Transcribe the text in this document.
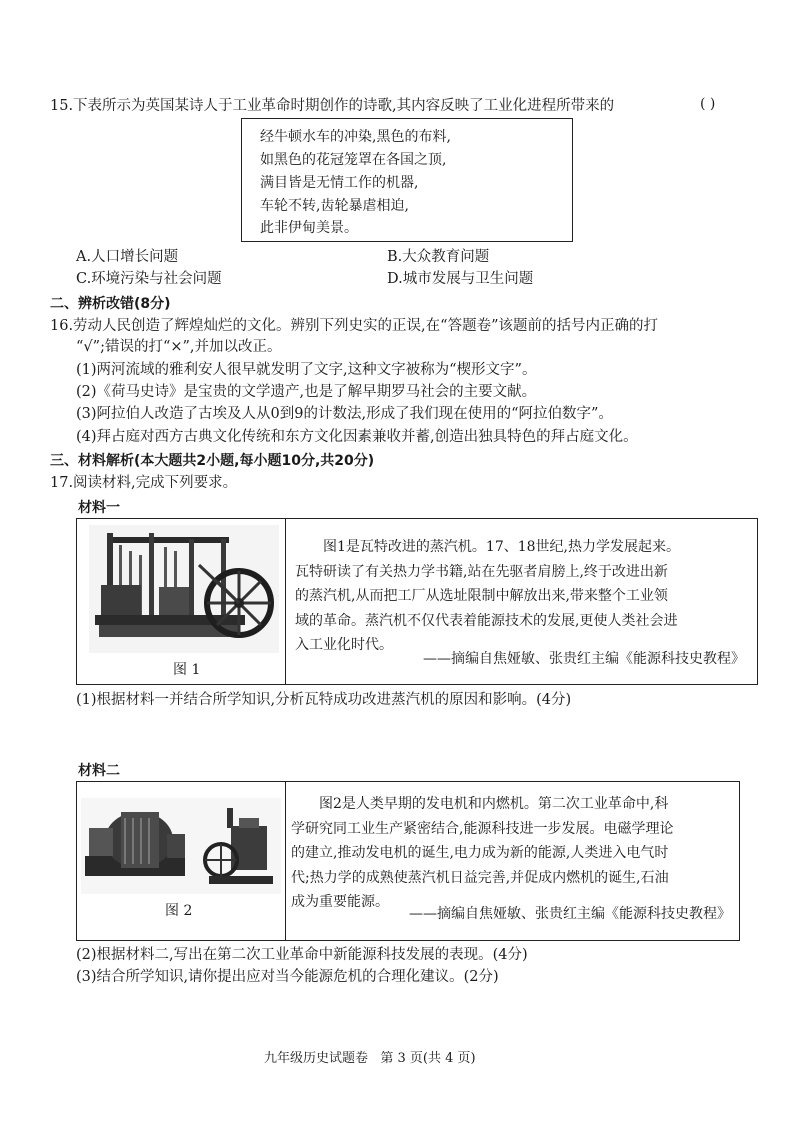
15.下表所示为英国某诗人于工业革命时期创作的诗歌,其内容反映了工业化进程所带来的	( )
经牛顿水车的冲染,黑色的布料,
如黑色的花冠笼罩在各国之顶,
满目皆是无情工作的机器,
车轮不转,齿轮暴虐相迫,
此非伊甸美景。
A.人口增长问题	B.大众教育问题
C.环境污染与社会问题	D.城市发展与卫生问题
二、辨析改错(8分)
16.劳动人民创造了辉煌灿烂的文化。辨别下列史实的正误,在“答题卷”该题前的括号内正确的打
“√”;错误的打“×”,并加以改正。
(1)两河流域的雅利安人很早就发明了文字,这种文字被称为“楔形文字”。
(2)《荷马史诗》是宝贵的文学遗产,也是了解早期罗马社会的主要文献。
(3)阿拉伯人改造了古埃及人从0到9的计数法,形成了我们现在使用的“阿拉伯数字”。
(4)拜占庭对西方古典文化传统和东方文化因素兼收并蓄,创造出独具特色的拜占庭文化。
三、材料解析(本大题共2小题,每小题10分,共20分)
17.阅读材料,完成下列要求。
材料一
图 1

图1是瓦特改进的蒸汽机。17、18世纪,热力学发展起来。

瓦特研读了有关热力学书籍,站在先驱者肩膀上,终于改进出新

的蒸汽机,从而把工厂从选址限制中解放出来,带来整个工业领

域的革命。蒸汽机不仅代表着能源技术的发展,更使人类社会进

入工业化时代。

——摘编自焦娅敏、张贵红主编《能源科技史教程》
(1)根据材料一并结合所学知识,分析瓦特成功改进蒸汽机的原因和影响。(4分)
材料二
图 2

图2是人类早期的发电机和内燃机。第二次工业革命中,科

学研究同工业生产紧密结合,能源科技进一步发展。电磁学理论

的建立,推动发电机的诞生,电力成为新的能源,人类进入电气时

代;热力学的成熟使蒸汽机日益完善,并促成内燃机的诞生,石油

成为重要能源。

——摘编自焦娅敏、张贵红主编《能源科技史教程》
(2)根据材料二,写出在第二次工业革命中新能源科技发展的表现。(4分)
(3)结合所学知识,请你提出应对当今能源危机的合理化建议。(2分)
九年级历史试题卷   第 3 页(共 4 页)
